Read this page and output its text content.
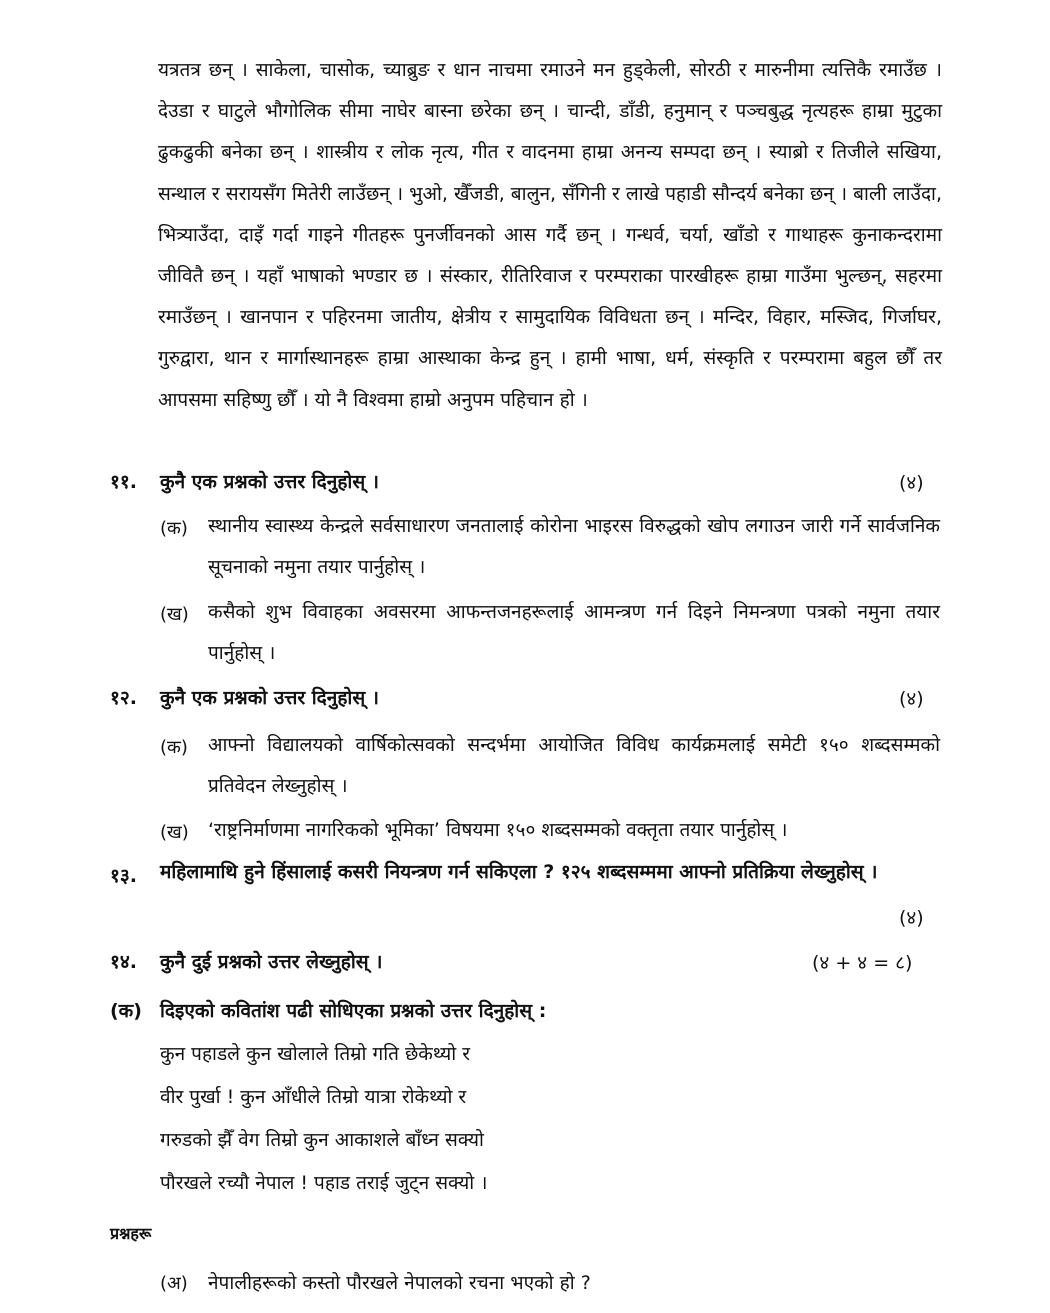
यत्रतत्र छन् । साकेला, चासोक, च्याब्रुङ र धान नाचमा रमाउने मन हुड्केली, सोरठी र मारुनीमा त्यत्तिकै रमाउँछ । देउडा र घाटुले भौगोलिक सीमा नाघेर बास्ना छरेका छन् । चान्दी, डाँडी, हनुमान् र पञ्चबुद्ध नृत्यहरू हाम्रा मुटुका ढुकढुकी बनेका छन् । शास्त्रीय र लोक नृत्य, गीत र वादनमा हाम्रा अनन्य सम्पदा छन् । स्याब्रो र तिजीले सखिया, सन्थाल र सरायसँग मितेरी लाउँछन् । भुओ, खैँजडी, बालुन, सँगिनी र लाखे पहाडी सौन्दर्य बनेका छन् । बाली लाउँदा, भित्र्याउँदा, दाइँ गर्दा गाइने गीतहरू पुनर्जीवनको आस गर्दै छन् । गन्धर्व, चर्या, खाँडो र गाथाहरू कुनाकन्दरामा जीवितै छन् । यहाँ भाषाको भण्डार छ । संस्कार, रीतिरिवाज र परम्पराका पारखीहरू हाम्रा गाउँमा भुल्छन्, सहरमा रमाउँछन् । खानपान र पहिरनमा जातीय, क्षेत्रीय र सामुदायिक विविधता छन् । मन्दिर, विहार, मस्जिद, गिर्जाघर, गुरुद्वारा, थान र मार्गास्थानहरू हाम्रा आस्थाका केन्द्र हुन् । हामी भाषा, धर्म, संस्कृति र परम्परामा बहुल छौँ तर आपसमा सहिष्णु छौँ । यो नै विश्वमा हाम्रो अनुपम पहिचान हो ।
११. कुनै एक प्रश्नको उत्तर दिनुहोस् ।	(४)
(क) स्थानीय स्वास्थ्य केन्द्रले सर्वसाधारण जनतालाई कोरोना भाइरस विरुद्धको खोप लगाउन जारी गर्ने सार्वजनिक सूचनाको नमुना तयार पार्नुहोस् ।
(ख) कसैको शुभ विवाहका अवसरमा आफन्तजनहरूलाई आमन्त्रण गर्न दिइने निमन्त्रणा पत्रको नमुना तयार पार्नुहोस् ।
१२. कुनै एक प्रश्नको उत्तर दिनुहोस् ।	(४)
(क) आफ्नो विद्यालयको वार्षिकोत्सवको सन्दर्भमा आयोजित विविध कार्यक्रमलाई समेटी १५० शब्दसम्मको प्रतिवेदन लेख्नुहोस् ।
(ख) ‘राष्ट्रनिर्माणमा नागरिकको भूमिका’ विषयमा १५० शब्दसम्मको वक्तृता तयार पार्नुहोस् ।
१३. महिलामाथि हुने हिंसालाई कसरी नियन्त्रण गर्न सकिएला ? १२५ शब्दसम्ममा आफ्नो प्रतिक्रिया लेख्नुहोस् ।
(४)
१४. कुनै दुई प्रश्नको उत्तर लेख्नुहोस् ।	(४ + ४ = ८)
(क) दिइएको कवितांश पढी सोधिएका प्रश्नको उत्तर दिनुहोस् :
कुन पहाडले कुन खोलाले तिम्रो गति छेकेथ्यो र
वीर पुर्खा ! कुन आँधीले तिम्रो यात्रा रोकेथ्यो र
गरुडको झैँ वेग तिम्रो कुन आकाशले बाँध्न सक्यो
पौरखले रच्यौ नेपाल ! पहाड तराई जुट्न सक्यो ।
प्रश्नहरू
(अ) नेपालीहरूको कस्तो पौरखले नेपालको रचना भएको हो ?
